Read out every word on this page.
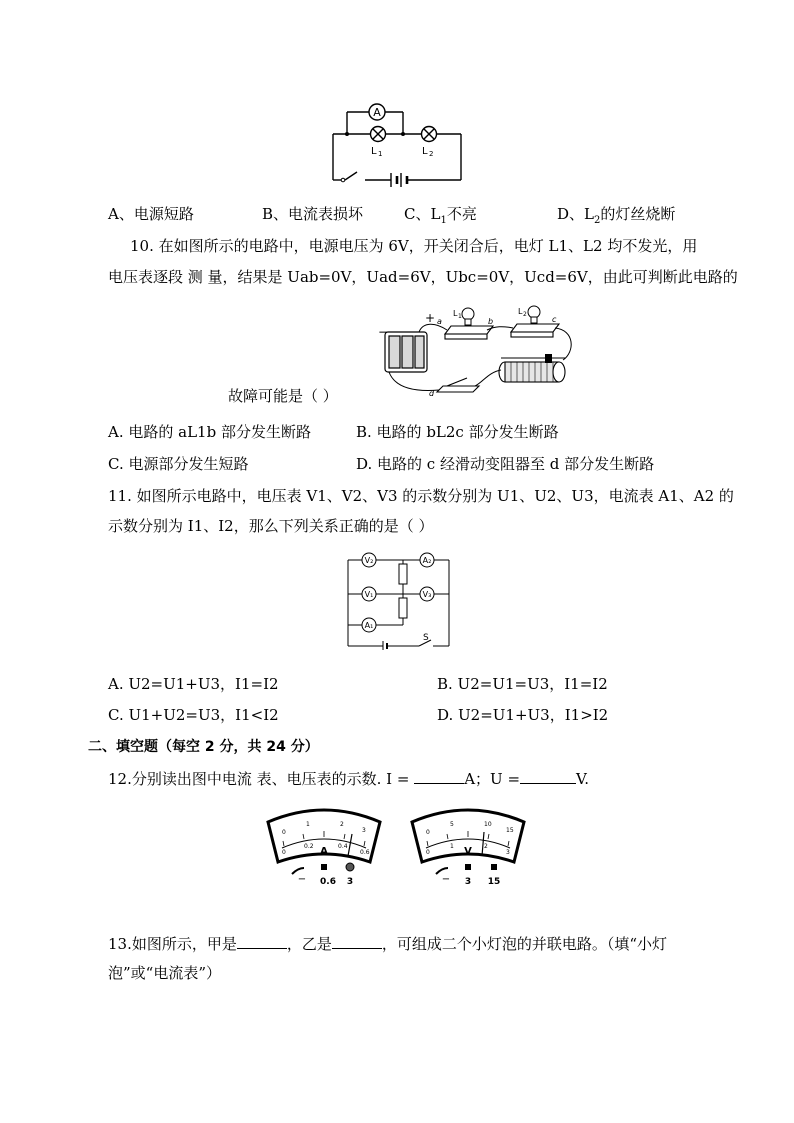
A
L 1	L 2
A、电源短路	B、电流表损坏	C、$L_1$不亮	D、$L_2$的灯丝烧断
10. 在如图所示的电路中，电源电压为 6V，开关闭合后，电灯 L1、L2 均不发光，用
电压表逐段 测 量，结果是 Uab=0V，Uad=6V，Ubc=0V，Ucd=6V，由此可判断此电路的
+
−
a	b	c
d
L 1
L 2
故障可能是（ ）
A. 电路的 aL1b 部分发生断路	B. 电路的 bL2c 部分发生断路
C. 电源部分发生短路	D. 电路的 c 经滑动变阻器至 d 部分发生断路
11. 如图所示电路中，电压表 V1、V2、V3 的示数分别为 U1、U2、U3，电流表 A1、A2 的
示数分别为 I1、I2，那么下列关系正确的是（ ）
V₂	A₂
V₁	V₃
A₁
S
A. U2=U1+U3，I1=I2	B. U2=U1=U3，I1=I2
C. U1+U2=U3，I1<I2	D. U2=U1+U3，I1>I2
二、填空题（每空 2 分，共 24 分）
12.分别读出图中电流 表、电压表的示数. I =	A；U =	V.
0
1	2
3
0.2	0.4
0	0.6
A
− 0.6 3
0
5	10
15
1	2
0	3
V
− 3 15
13.如图所示，甲是	，乙是	，可组成二个小灯泡的并联电路。（填“小灯
泡”或“电流表”）
